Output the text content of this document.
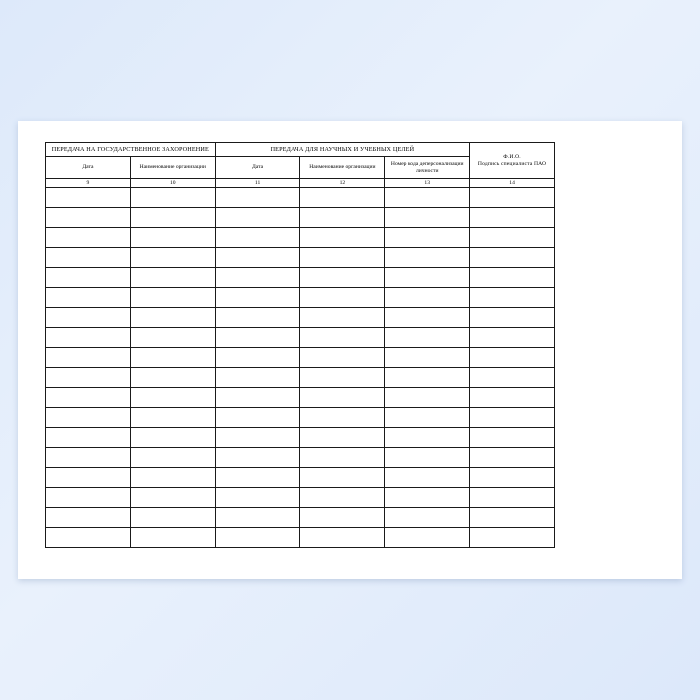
ПЕРЕДАЧА НА ГОСУДАРСТВЕННОЕ ЗАХОРОНЕНИЕ		ПЕРЕДАЧА ДЛЯ НАУЧНЫХ И УЧЕБНЫХ ЦЕЛЕЙ			Ф.И.О.
Подпись специалиста ПАО

Дата	Наименование организации	Дата	Наименование организации	Номер кода деперсонализации личности	
9	10	11	12	13	14
